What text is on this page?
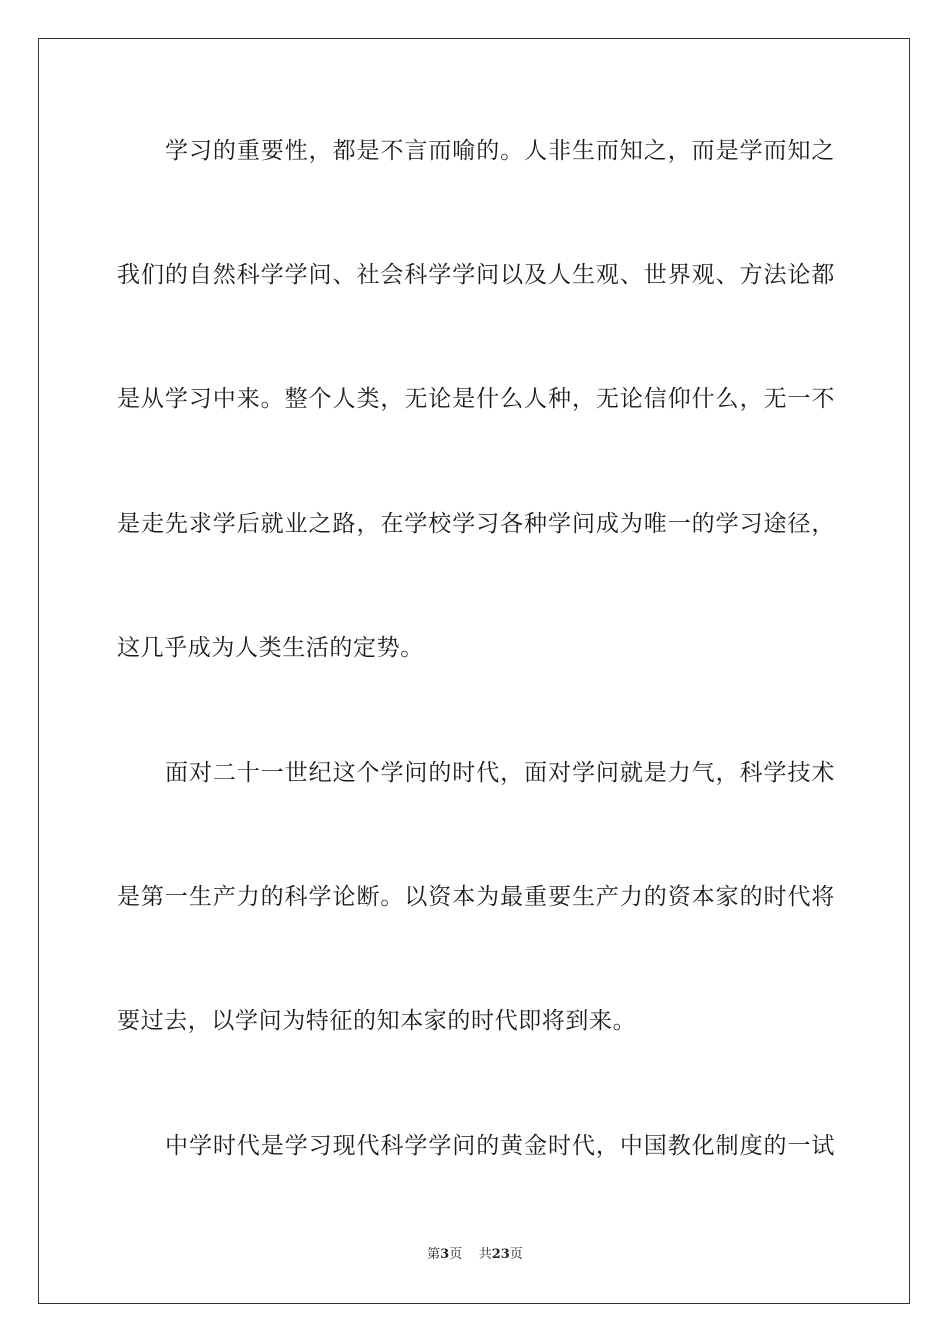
学习的重要性，都是不言而喻的。人非生而知之，而是学而知之
我们的自然科学学问、社会科学学问以及人生观、世界观、方法论都
是从学习中来。整个人类，无论是什么人种，无论信仰什么，无一不
是走先求学后就业之路，在学校学习各种学问成为唯一的学习途径，
这几乎成为人类生活的定势。
面对二十一世纪这个学问的时代，面对学问就是力气，科学技术
是第一生产力的科学论断。以资本为最重要生产力的资本家的时代将
要过去，以学问为特征的知本家的时代即将到来。
中学时代是学习现代科学学问的黄金时代，中国教化制度的一试
第3页 共23页
